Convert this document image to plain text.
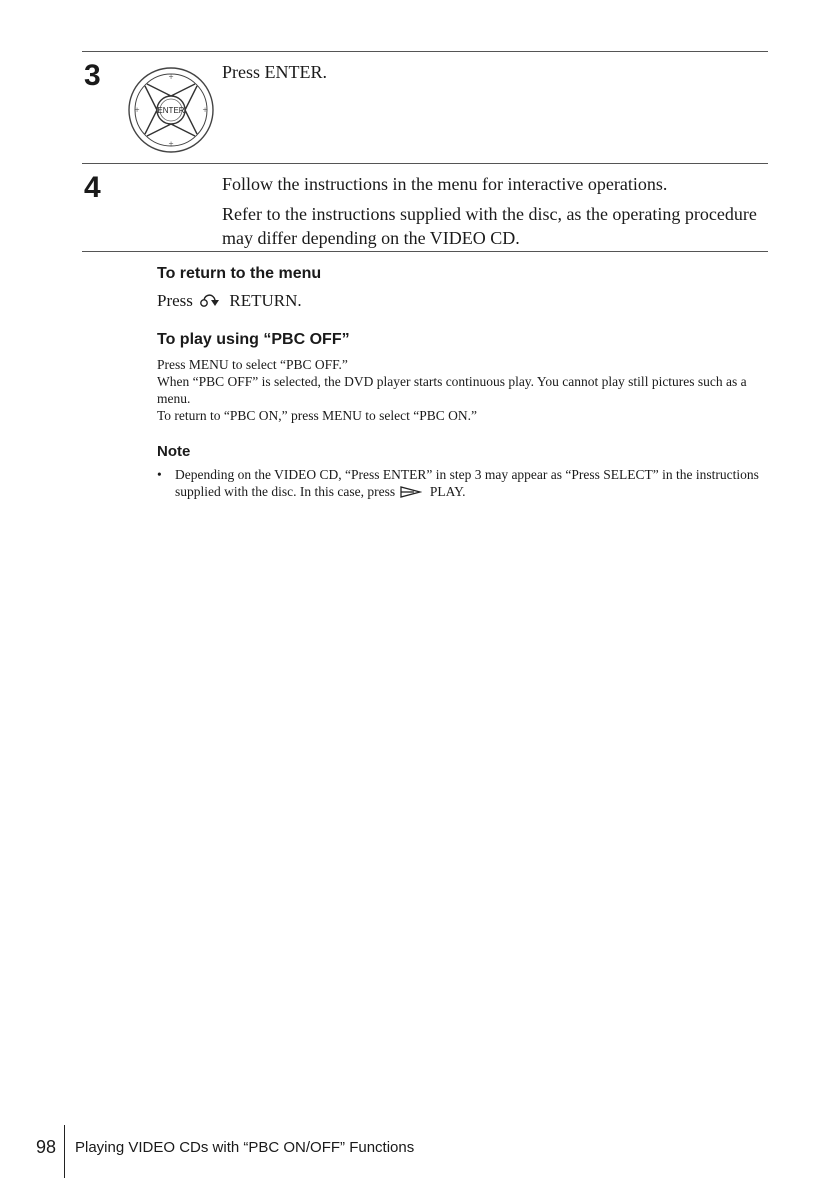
3	+
+
+	+
ENTER

Press ENTER.

4	Follow the instructions in the menu for interactive operations.

Refer to the instructions supplied with the disc, as the operating procedure may differ depending on the VIDEO CD.

To return to the menu
Press RETURN.
To play using “PBC OFF”
Press MENU to select “PBC OFF.”
When “PBC OFF” is selected, the DVD player starts continuous play. You cannot play still pictures such as a menu.
To return to “PBC ON,” press MENU to select “PBC ON.”
Note
• Depending on the VIDEO CD, “Press ENTER” in step 3 may appear as “Press SELECT” in the instructions supplied with the disc. In this case, press	PLAY.
98 Playing VIDEO CDs with “PBC ON/OFF” Functions
